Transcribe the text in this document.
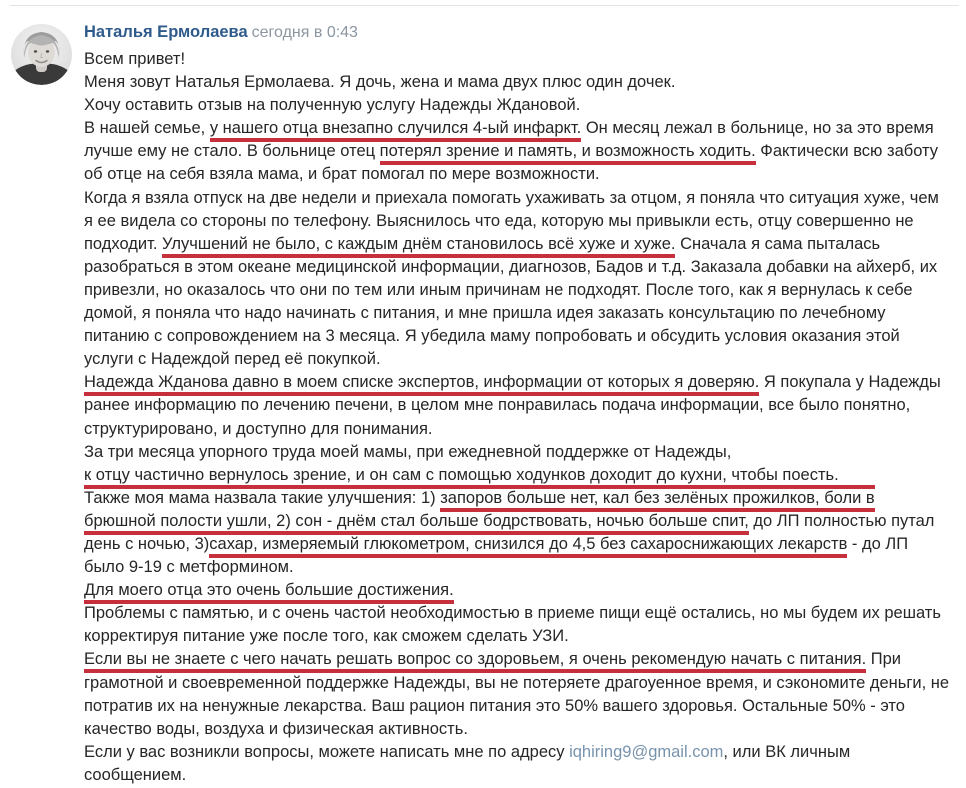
Наталья Ермолаева сегодня в 0:43
Всем привет!
Меня зовут Наталья Ермолаева. Я дочь, жена и мама двух плюс один дочек.
Хочу оставить отзыв на полученную услугу Надежды Ждановой.
В нашей семье, у нашего отца внезапно случился 4-ый инфаркт. Он месяц лежал в больнице, но за это время
лучше ему не стало. В больнице отец потерял зрение и память, и возможность ходить. Фактически всю заботу
об отце на себя взяла мама, и брат помогал по мере возможности.
Когда я взяла отпуск на две недели и приехала помогать ухаживать за отцом, я поняла что ситуация хуже, чем
я ее видела со стороны по телефону. Выяснилось что еда, которую мы привыкли есть, отцу совершенно не
подходит. Улучшений не было, с каждым днём становилось всё хуже и хуже. Сначала я сама пыталась
разобраться в этом океане медицинской информации, диагнозов, Бадов и т.д. Заказала добавки на айхерб, их
привезли, но оказалось что они по тем или иным причинам не подходят. После того, как я вернулась к себе
домой, я поняла что надо начинать с питания, и мне пришла идея заказать консультацию по лечебному
питанию с сопровождением на 3 месяца. Я убедила маму попробовать и обсудить условия оказания этой
услуги с Надеждой перед её покупкой.
Надежда Жданова давно в моем списке экспертов, информации от которых я доверяю. Я покупала у Надежды
ранее информацию по лечению печени, в целом мне понравилась подача информации, все было понятно,
структурировано, и доступно для понимания.
За три месяца упорного труда моей мамы, при ежедневной поддержке от Надежды,
к отцу частично вернулось зрение, и он сам с помощью ходунков доходит до кухни, чтобы поесть.
Также моя мама назвала такие улучшения: 1) запоров больше нет, кал без зелёных прожилков, боли в
брюшной полости ушли, 2) сон - днём стал больше бодрствовать, ночью больше спит, до ЛП полностью путал
день с ночью, 3)сахар, измеряемый глюкометром, снизился до 4,5 без сахароснижающих лекарств - до ЛП
было 9-19 с метформином.
Для моего отца это очень большие достижения.
Проблемы с памятью, и с очень частой необходимостью в приеме пищи ещё остались, но мы будем их решать
корректируя питание уже после того, как сможем сделать УЗИ.
Если вы не знаете с чего начать решать вопрос со здоровьем, я очень рекомендую начать с питания. При
грамотной и своевременной поддержке Надежды, вы не потеряете драгоуенное время, и сэкономите деньги, не
потратив их на ненужные лекарства. Ваш рацион питания это 50% вашего здоровья. Остальные 50% - это
качество воды, воздуха и физическая активность.
Если у вас возникли вопросы, можете написать мне по адресу iqhiring9@gmail.com, или ВК личным
сообщением.
